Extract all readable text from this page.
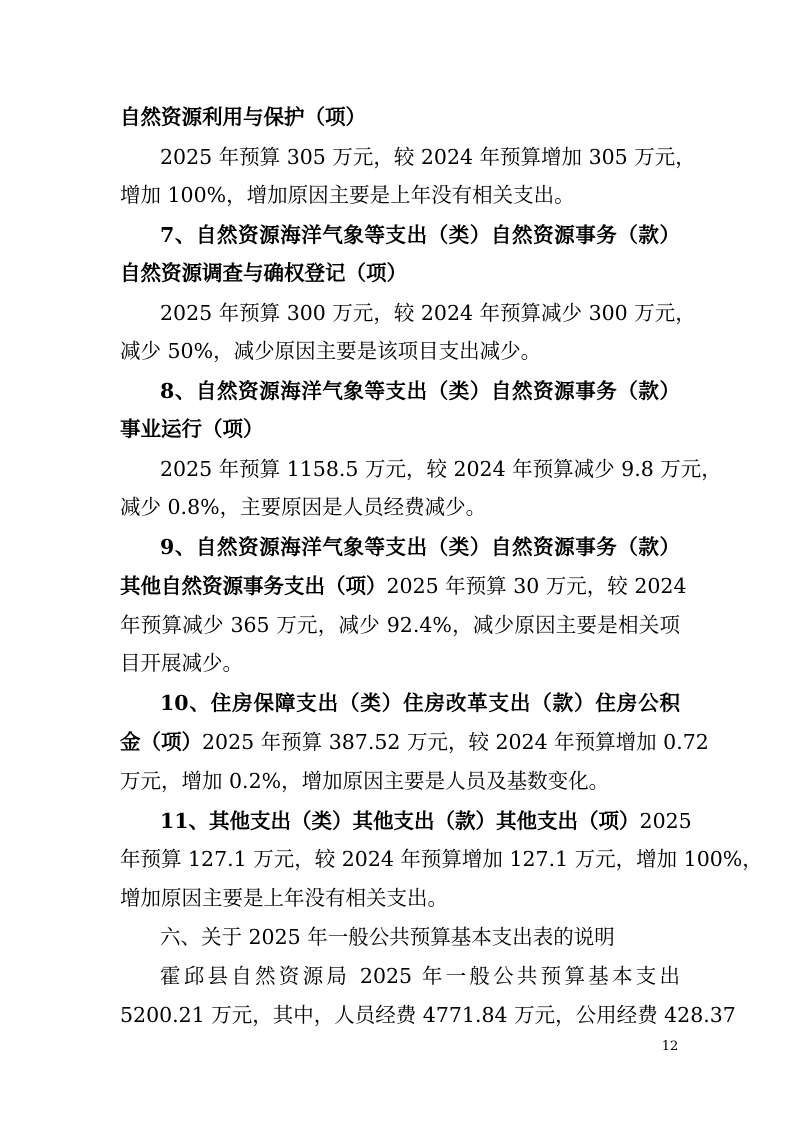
自然资源利用与保护（项）
2025 年预算 305 万元，较 2024 年预算增加 305 万元，
增加 100%，增加原因主要是上年没有相关支出。
7、自然资源海洋气象等支出（类）自然资源事务（款）
自然资源调查与确权登记（项）
2025 年预算 300 万元，较 2024 年预算减少 300 万元，
减少 50%，减少原因主要是该项目支出减少。
8、自然资源海洋气象等支出（类）自然资源事务（款）
事业运行（项）
2025 年预算 1158.5 万元，较 2024 年预算减少 9.8 万元，
减少 0.8%，主要原因是人员经费减少。
9、自然资源海洋气象等支出（类）自然资源事务（款）
其他自然资源事务支出（项）2025 年预算 30 万元，较 2024
年预算减少 365 万元，减少 92.4%，减少原因主要是相关项
目开展减少。
10、住房保障支出（类）住房改革支出（款）住房公积
金（项）2025 年预算 387.52 万元，较 2024 年预算增加 0.72
万元，增加 0.2%，增加原因主要是人员及基数变化。
11、其他支出（类）其他支出（款）其他支出（项）2025
年预算 127.1 万元，较 2024 年预算增加 127.1 万元，增加 100%，
增加原因主要是上年没有相关支出。
六、关于 2025 年一般公共预算基本支出表的说明
霍邱县自然资源局 2025 年一般公共预算基本支出
5200.21 万元，其中，人员经费 4771.84 万元，公用经费 428.37
12
